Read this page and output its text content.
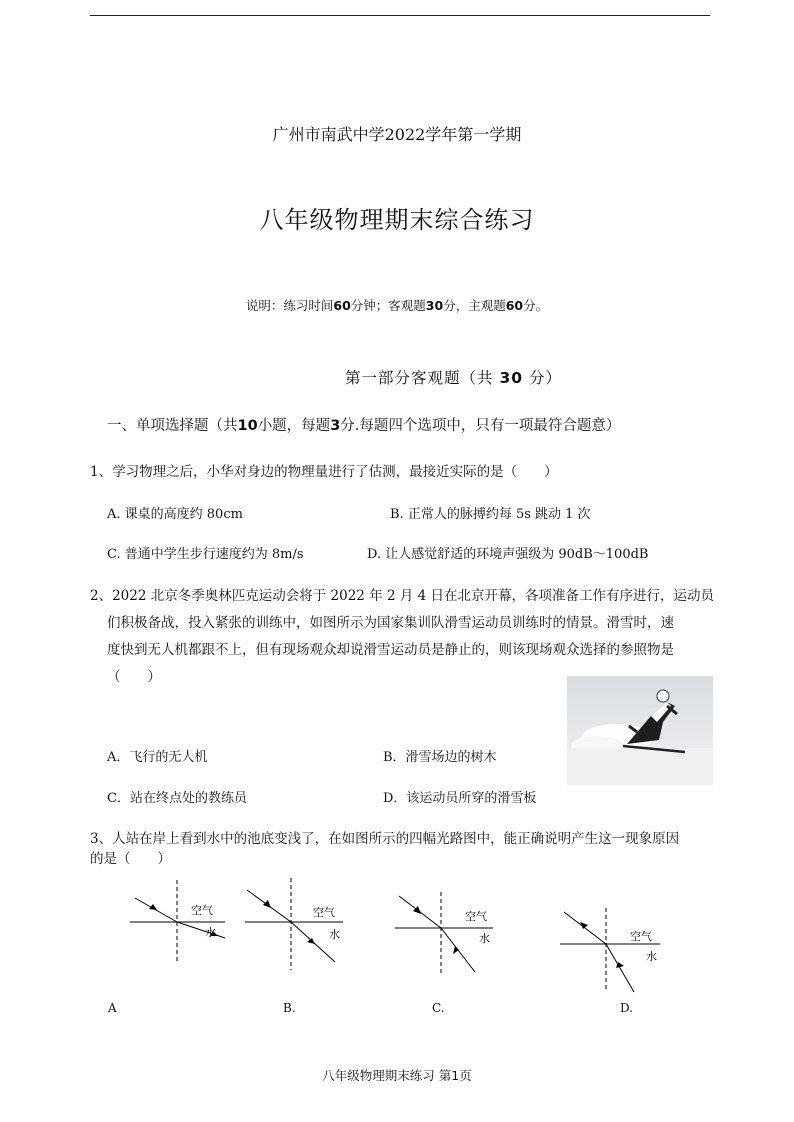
广州市南武中学2022学年第一学期
八年级物理期末综合练习
说明：练习时间60分钟；客观题30分，主观题60分。
第一部分客观题（共 30 分）
一、单项选择题（共10小题，每题3分.每题四个选项中，只有一项最符合题意）
1、学习物理之后，小华对身边的物理量进行了估测，最接近实际的是（　　）
A. 课桌的高度约 80cm	B. 正常人的脉搏约每 5s 跳动 1 次
C. 普通中学生步行速度约为 8m/s	D. 让人感觉舒适的环境声强级为 90dB～100dB
2、2022 北京冬季奥林匹克运动会将于 2022 年 2 月 4 日在北京开幕，各项准备工作有序进行，运动员
们积极备战，投入紧张的训练中，如图所示为国家集训队滑雪运动员训练时的情景。滑雪时，速
度快到无人机都跟不上，但有现场观众却说滑雪运动员是静止的，则该现场观众选择的参照物是
（　　）
A．飞行的无人机	B．滑雪场边的树木
C．站在终点处的教练员	D．该运动员所穿的滑雪板
3、人站在岸上看到水中的池底变浅了，在如图所示的四幅光路图中，能正确说明产生这一现象原因
的是（　　）
空气
水
空气
水
空气
水	空气
水
A	B.	C.	D.
八年级物理期末练习 第1页
